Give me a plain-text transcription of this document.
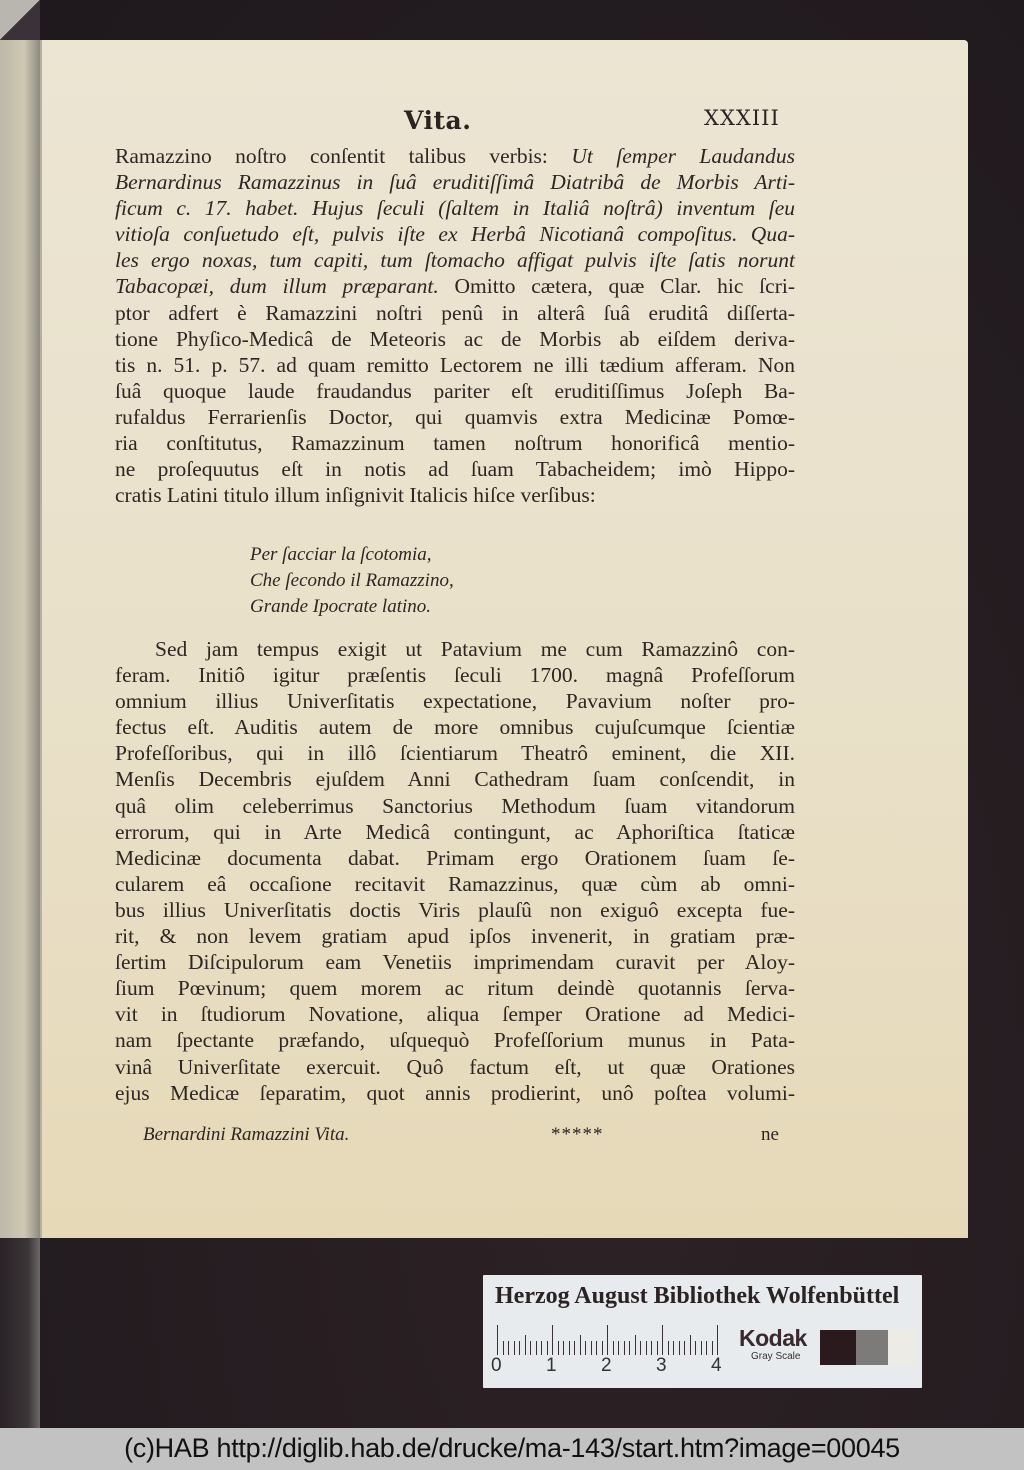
Vita.	XXXIII
Ramazzino noſtro conſentit talibus verbis: Ut ſemper Laudandus
Bernardinus Ramazzinus in ſuâ eruditiſſimâ Diatribâ de Morbis Arti-
ficum c. 17. habet. Hujus ſeculi (ſaltem in Italiâ noſtrâ) inventum ſeu
vitioſa conſuetudo eſt, pulvis iſte ex Herbâ Nicotianâ compoſitus. Qua-
les ergo noxas, tum capiti, tum ſtomacho affigat pulvis iſte ſatis norunt
Tabacopæi, dum illum præparant. Omitto cætera, quæ Clar. hic ſcri-
ptor adfert è Ramazzini noſtri penû in alterâ ſuâ eruditâ diſſerta-
tione Phyſico-Medicâ de Meteoris ac de Morbis ab eiſdem deriva-
tis n. 51. p. 57. ad quam remitto Lectorem ne illi tædium afferam. Non
ſuâ quoque laude fraudandus pariter eſt eruditiſſimus Joſeph Ba-
rufaldus Ferrarienſis Doctor, qui quamvis extra Medicinæ Pomœ-
ria conſtitutus, Ramazzinum tamen noſtrum honorificâ mentio-
ne proſequutus eſt in notis ad ſuam Tabacheidem; imò Hippo-
cratis Latini titulo illum inſignivit Italicis hiſce verſibus:
Per ſacciar la ſcotomia,
Che ſecondo il Ramazzino,
Grande Ipocrate latino.
Sed jam tempus exigit ut Patavium me cum Ramazzinô con-
feram. Initiô igitur præſentis ſeculi 1700. magnâ Profeſſorum
omnium illius Univerſitatis expectatione, Pavavium noſter pro-
fectus eſt. Auditis autem de more omnibus cujuſcumque ſcientiæ
Profeſſoribus, qui in illô ſcientiarum Theatrô eminent, die XII.
Menſis Decembris ejuſdem Anni Cathedram ſuam conſcendit, in
quâ olim celeberrimus Sanctorius Methodum ſuam vitandorum
errorum, qui in Arte Medicâ contingunt, ac Aphoriſtica ſtaticæ
Medicinæ documenta dabat. Primam ergo Orationem ſuam ſe-
cularem eâ occaſione recitavit Ramazzinus, quæ cùm ab omni-
bus illius Univerſitatis doctis Viris plauſû non exiguô excepta fue-
rit, & non levem gratiam apud ipſos invenerit, in gratiam præ-
ſertim Diſcipulorum eam Venetiis imprimendam curavit per Aloy-
ſium Pœvinum; quem morem ac ritum deindè quotannis ſerva-
vit in ſtudiorum Novatione, aliqua ſemper Oratione ad Medici-
nam ſpectante præfando, uſquequò Profeſſorium munus in Pata-
vinâ Univerſitate exercuit. Quô factum eſt, ut quæ Orationes
ejus Medicæ ſeparatim, quot annis prodierint, unô poſtea volumi-
Bernardini Ramazzini Vita.	*****	ne
Herzog August Bibliothek Wolfenbüttel
0 1 2 3 4
Kodak
Gray Scale
(c)HAB http://diglib.hab.de/drucke/ma-143/start.htm?image=00045
